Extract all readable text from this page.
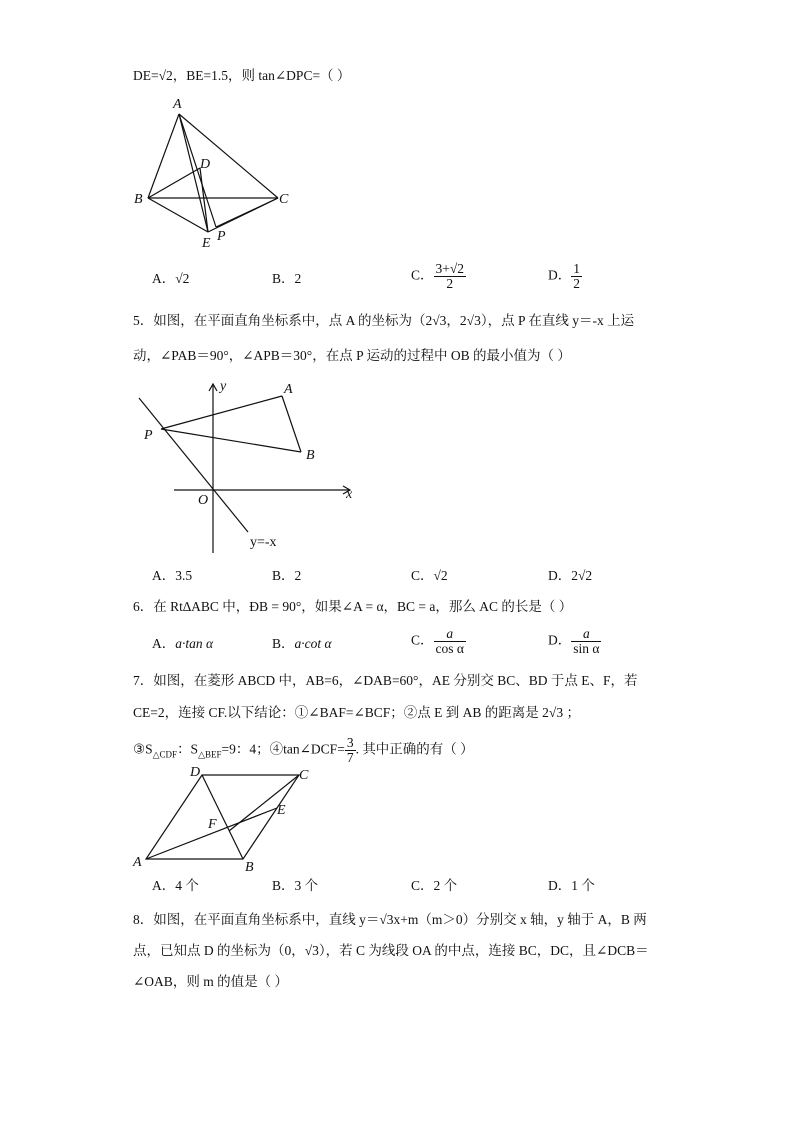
DE=√2，BE=1.5，则 tan∠DPC=（ ）
A
B	C
D
E P
A．√2	B．2	C． $\frac{3+√2}{2}$	D． $\frac{1}{2}$
5．如图，在平面直角坐标系中，点 A 的坐标为（2√3，2√3），点 P 在直线 y＝-x 上运
动，∠PAB＝90°，∠APB＝30°，在点 P 运动的过程中 OB 的最小值为（ ）
A
B
P
O	x
y
y=-x
A．3.5	B．2	C．√2	D．2√2
6．在 Rt∆ABC 中，ÐB = 90°，如果∠A = α，BC = a，那么 AC 的长是（ ）
A．a·tan α	B．a·cot α	C． $\frac{a}{\text{cos α}}$	D． $\frac{a}{\text{sin α}}$
7．如图，在菱形 ABCD 中，AB=6，∠DAB=60°，AE 分别交 BC、BD 于点 E、F，若
CE=2，连接 CF.以下结论：①∠BAF=∠BCF；②点 E 到 AB 的距离是 2√3 ；
$③S_{\triangle CDF}$：$S_{\triangle BEF}=9$：4；④tan∠DCF= $\frac{3}{7}$ . 其中正确的有（ ）
A	B
C
D
E
F
A．4 个	B．3 个	C．2 个	D．1 个
8．如图，在平面直角坐标系中，直线 y＝√3x+m（m＞0）分别交 x 轴，y 轴于 A，B 两
点，已知点 D 的坐标为（0，√3），若 C 为线段 OA 的中点，连接 BC，DC，且∠DCB＝
∠OAB，则 m 的值是（ ）
